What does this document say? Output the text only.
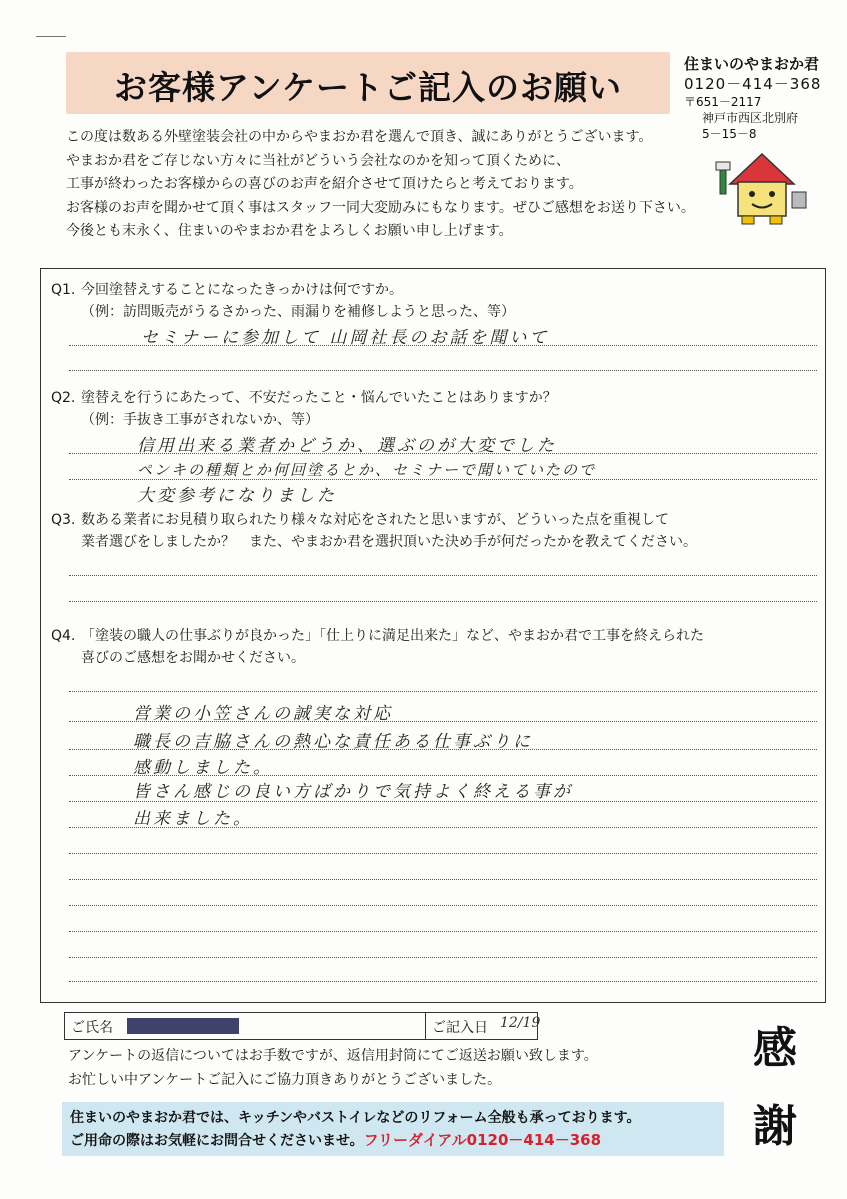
お客様アンケートご記入のお願い
住まいのやまおか君
0120－414－368
〒651－2117
神戸市西区北別府
5－15－8
この度は数ある外壁塗装会社の中からやまおか君を選んで頂き、誠にありがとうございます。
やまおか君をご存じない方々に当社がどういう会社なのかを知って頂くために、
工事が終わったお客様からの喜びのお声を紹介させて頂けたらと考えております。
お客様のお声を聞かせて頂く事はスタッフ一同大変励みにもなります。ぜひご感想をお送り下さい。
今後とも末永く、住まいのやまおか君をよろしくお願い申し上げます。
Q1. 今回塗替えすることになったきっかけは何ですか。
（例：訪問販売がうるさかった、雨漏りを補修しようと思った、等）
セミナーに参加して 山岡社長のお話を聞いて
Q2. 塗替えを行うにあたって、不安だったこと・悩んでいたことはありますか？
（例：手抜き工事がされないか、等）
信用出来る業者かどうか、選ぶのが大変でした
ペンキの種類とか何回塗るとか、セミナーで聞いていたので
大変参考になりました
Q3. 数ある業者にお見積り取られたり様々な対応をされたと思いますが、どういった点を重視して
業者選びをしましたか？　また、やまおか君を選択頂いた決め手が何だったかを教えてください。
Q4. 「塗装の職人の仕事ぶりが良かった」「仕上りに満足出来た」など、やまおか君で工事を終えられた
喜びのご感想をお聞かせください。
営業の小笠さんの誠実な対応
職長の吉脇さんの熱心な責任ある仕事ぶりに
感動しました。
皆さん感じの良い方ばかりで気持よく終える事が
出来ました。
ご氏名	ご記入日 12/19
アンケートの返信についてはお手数ですが、返信用封筒にてご返送お願い致します。
お忙しい中アンケートご記入にご協力頂きありがとうございました。
感
謝
住まいのやまおか君では、キッチンやバストイレなどのリフォーム全般も承っております。
ご用命の際はお気軽にお問合せくださいませ。フリーダイアル0120－414－368
